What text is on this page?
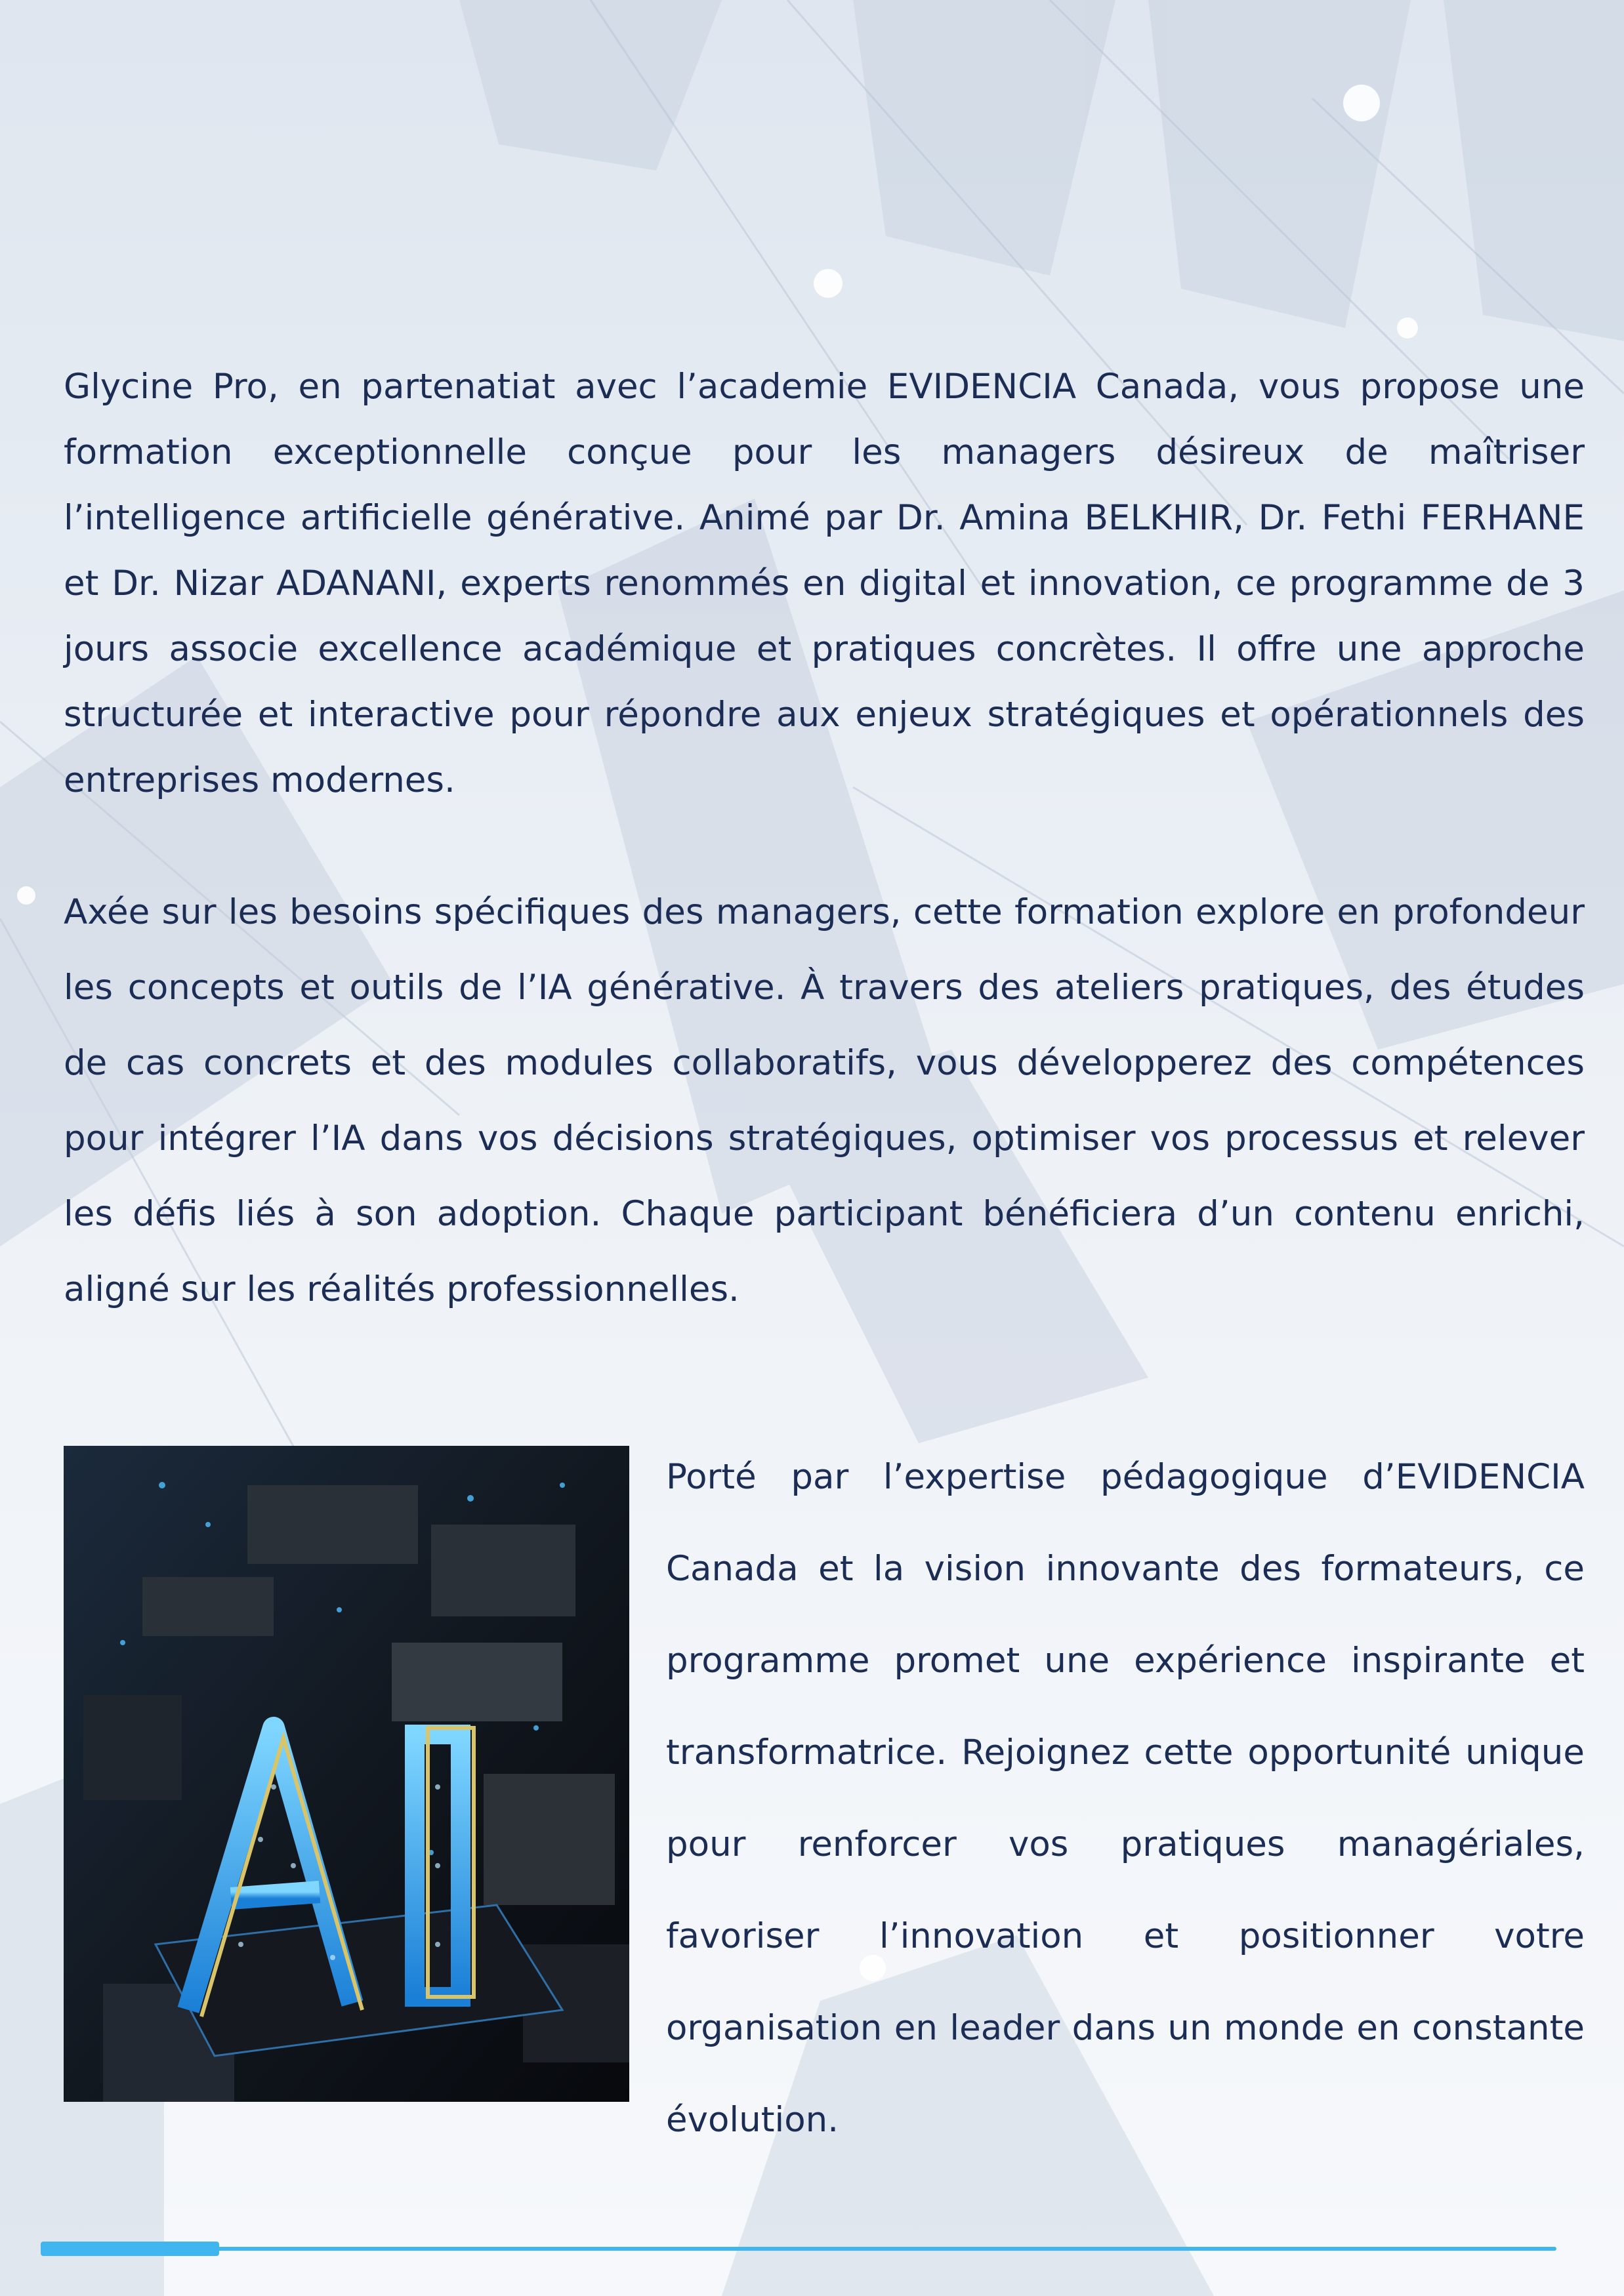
Glycine Pro, en partenatiat avec l’academie EVIDENCIA Canada, vous propose une formation exceptionnelle conçue pour les managers désireux de maîtriser l’intelligence artificielle générative. Animé par Dr. Amina BELKHIR, Dr. Fethi FERHANE et Dr. Nizar ADANANI, experts renommés en digital et innovation, ce programme de 3 jours associe excellence académique et pratiques concrètes. Il offre une approche structurée et interactive pour répondre aux enjeux stratégiques et opérationnels des entreprises modernes.

Axée sur les besoins spécifiques des managers, cette formation explore en profondeur les concepts et outils de l’IA générative. À travers des ateliers pratiques, des études de cas concrets et des modules collaboratifs, vous développerez des compétences pour intégrer l’IA dans vos décisions stratégiques, optimiser vos processus et relever les défis liés à son adoption. Chaque participant bénéficiera d’un contenu enrichi, aligné sur les réalités professionnelles.

Porté par l’expertise pédagogique d’EVIDENCIA Canada et la vision innovante des formateurs, ce programme promet une expérience inspirante et transformatrice. Rejoignez cette opportunité unique pour renforcer vos pratiques managériales, favoriser l’innovation et positionner votre organisation en leader dans un monde en constante évolution.
